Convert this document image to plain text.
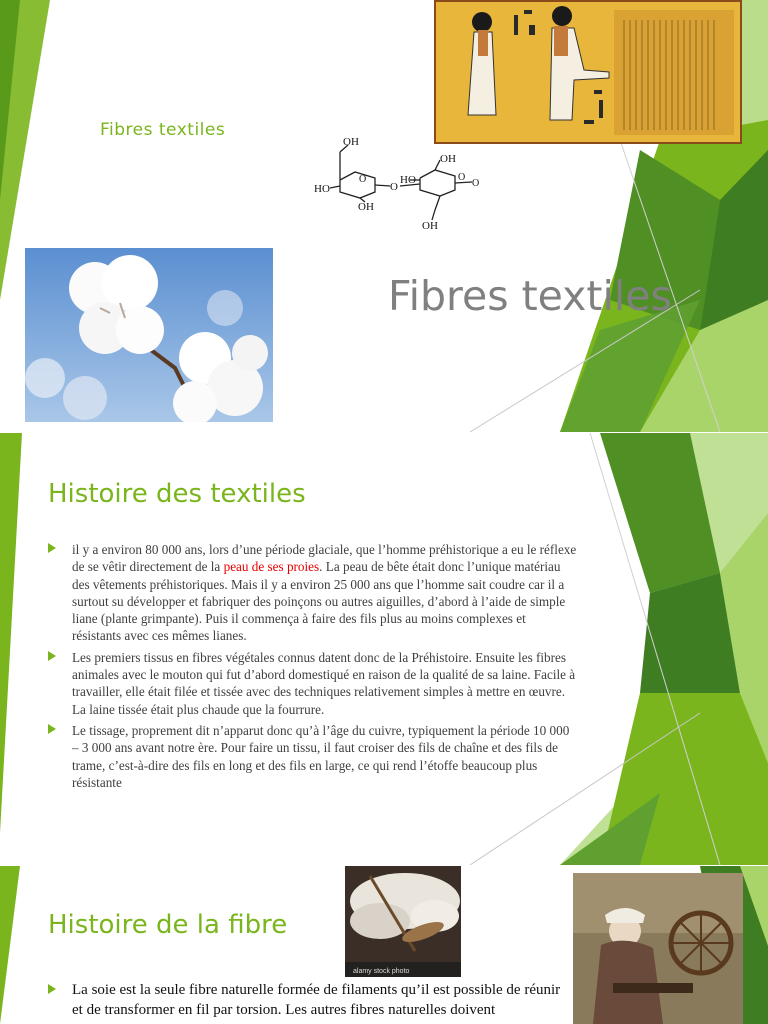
Fibres textiles
OH
HO
HO
O
OH
OH
OH
O	O
O
Fibres textiles
Histoire des textiles
il y a environ 80 000 ans, lors d’une période glaciale, que l’homme préhistorique a eu le réflexe de se vêtir directement de la peau de ses proies. La peau de bête était donc l’unique matériau des vêtements préhistoriques. Mais il y a environ 25 000 ans que l’homme sait coudre car il a surtout su développer et fabriquer des poinçons ou autres aiguilles, d’abord à l’aide de simple liane (plante grimpante). Puis il commença à faire des fils plus au moins complexes et résistants avec ces mêmes lianes.
Les premiers tissus en fibres végétales connus datent donc de la Préhistoire. Ensuite les fibres animales avec le mouton qui fut d’abord domestiqué en raison de la qualité de sa laine. Facile à travailler, elle était filée et tissée avec des techniques relativement simples à mettre en œuvre. La laine tissée était plus chaude que la fourrure.
Le tissage, proprement dit n’apparut donc qu’à l’âge du cuivre, typiquement la période 10 000 – 3 000 ans avant notre ère. Pour faire un tissu, il faut croiser des fils de chaîne et des fils de trame, c’est-à-dire des fils en long et des fils en large, ce qui rend l’étoffe beaucoup plus résistante
Histoire de la fibre
alamy stock photo
La soie est la seule fibre naturelle formée de filaments qu’il est possible de réunir et de transformer en fil par torsion. Les autres fibres naturelles doivent
